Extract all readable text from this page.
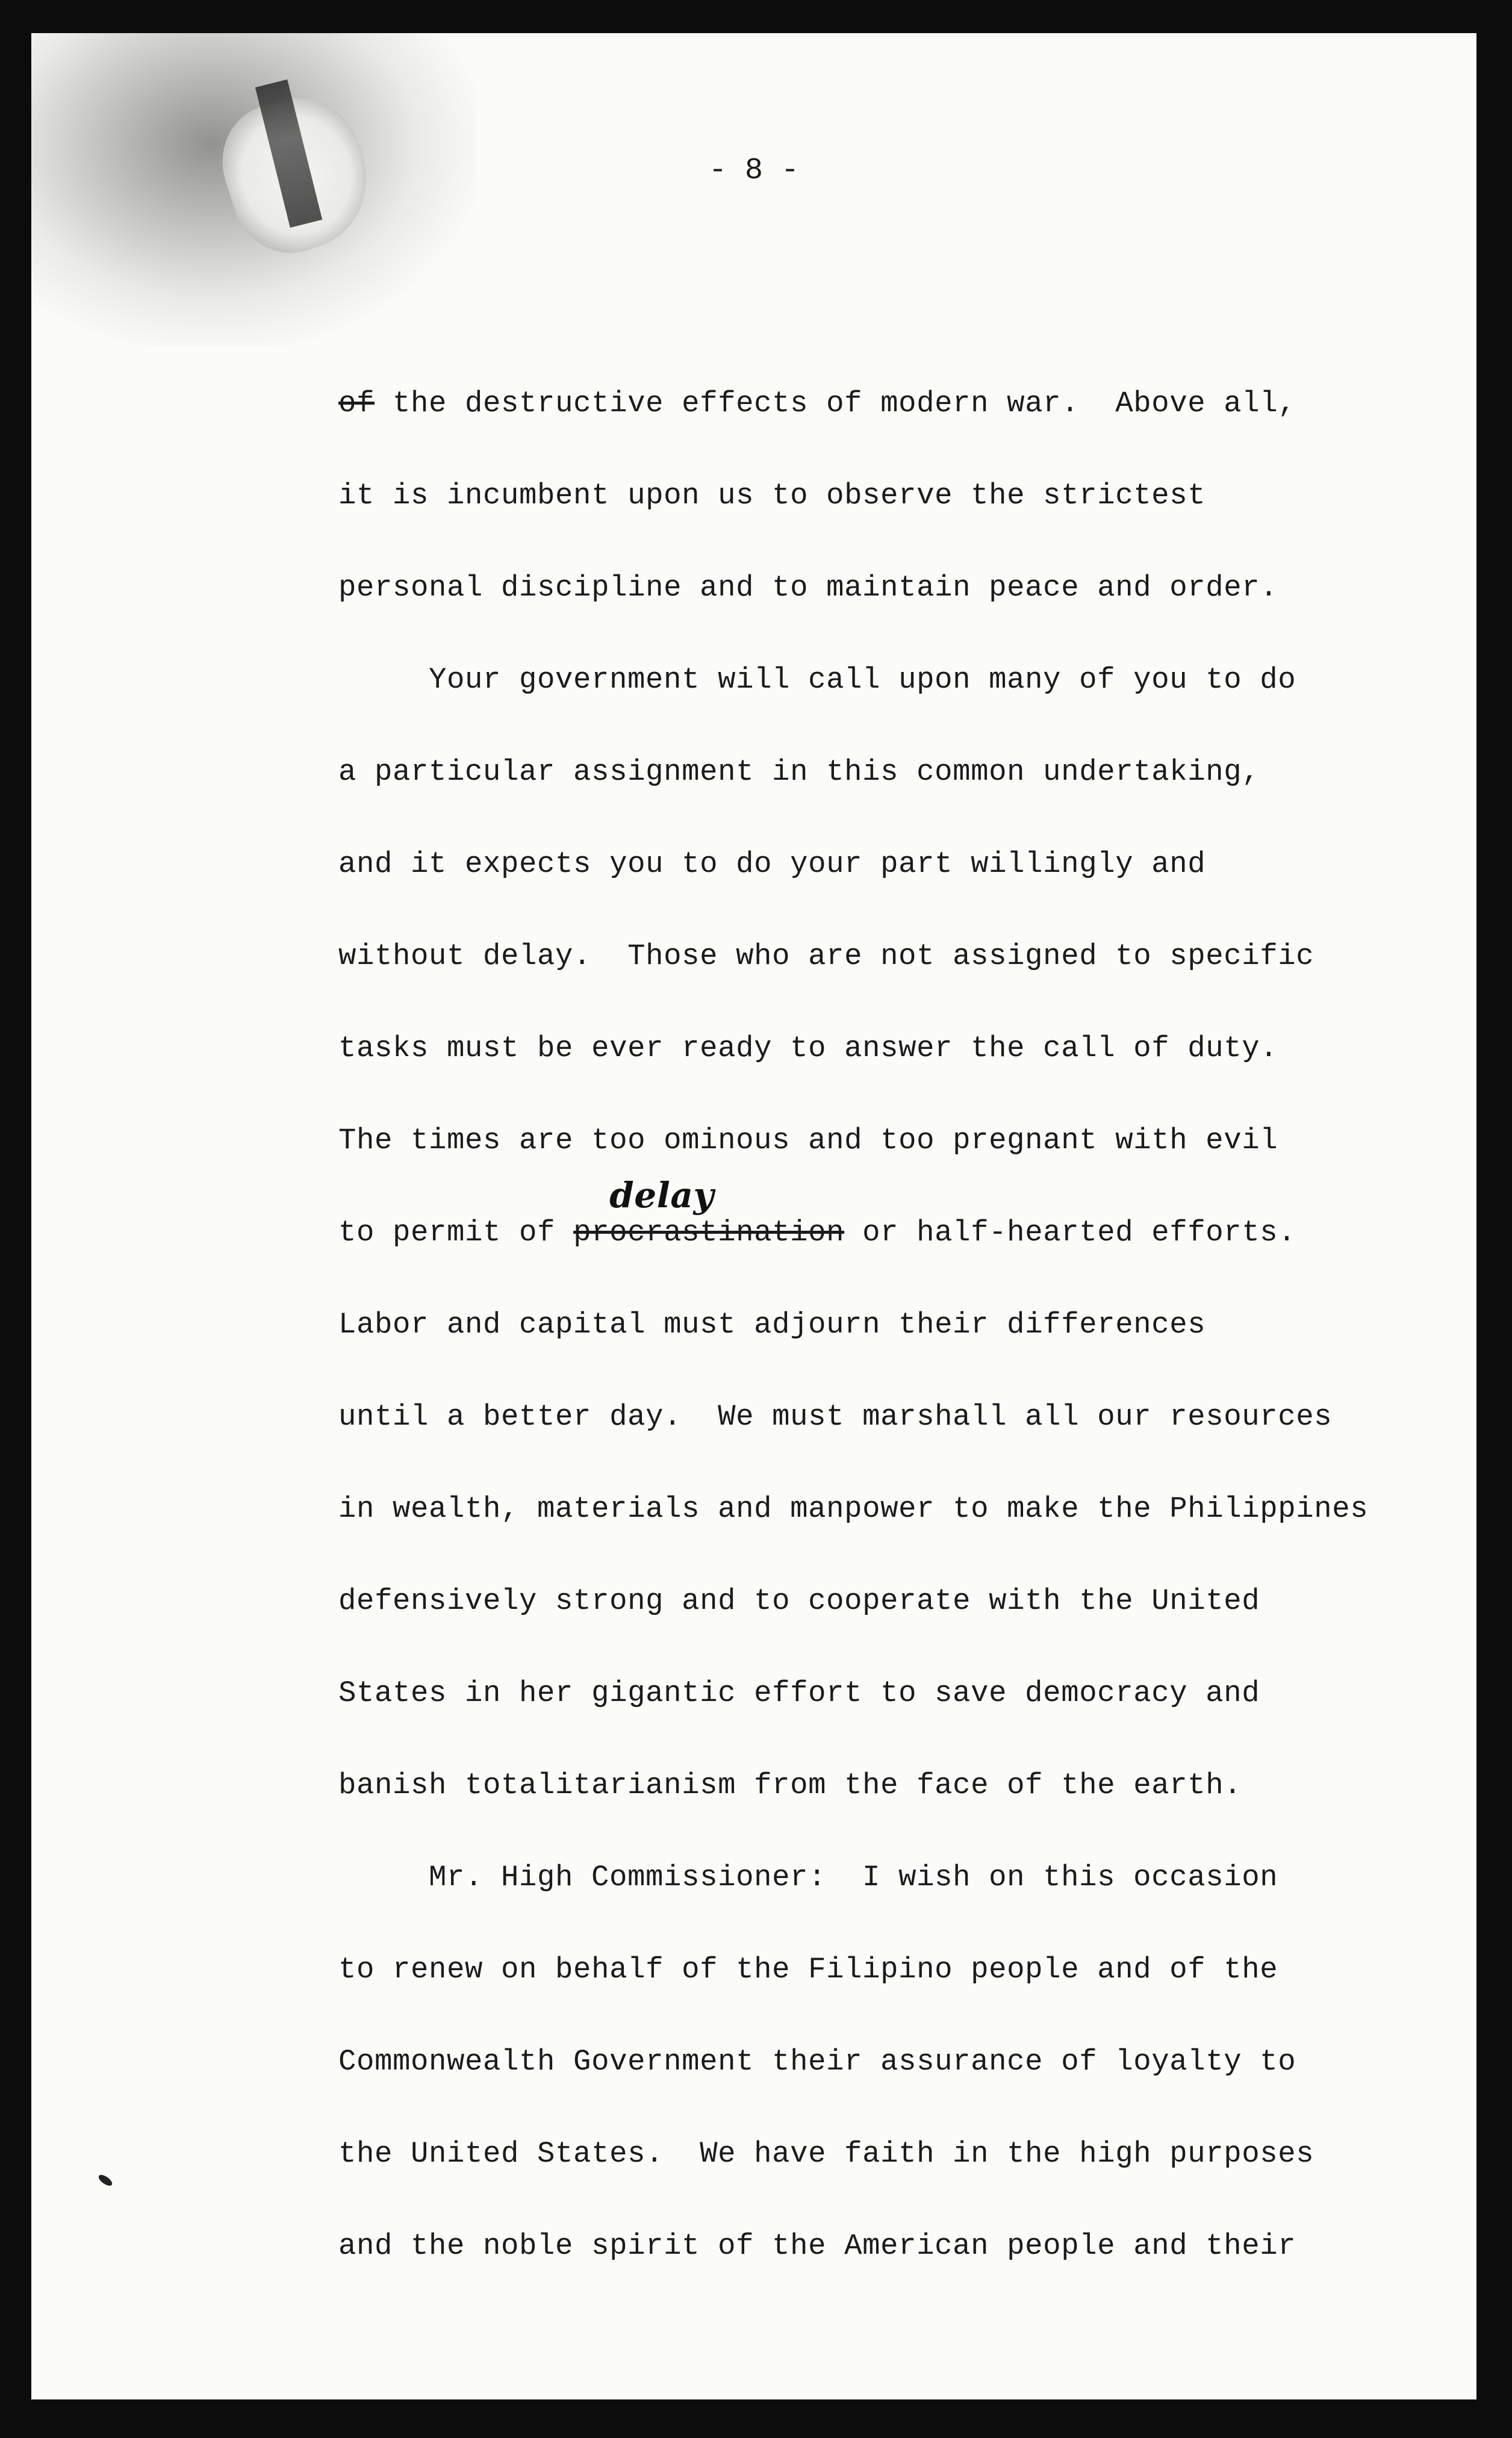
- 8 -
of the destructive effects of modern war.  Above all,
it is incumbent upon us to observe the strictest
personal discipline and to maintain peace and order.
Your government will call upon many of you to do
a particular assignment in this common undertaking,
and it expects you to do your part willingly and
without delay.  Those who are not assigned to specific
tasks must be ever ready to answer the call of duty.
The times are too ominous and too pregnant with evil
to permit of
delay
procrastination or half-hearted efforts.
Labor and capital must adjourn their differences
until a better day.  We must marshall all our resources
in wealth, materials and manpower to make the Philippines
defensively strong and to cooperate with the United
States in her gigantic effort to save democracy and
banish totalitarianism from the face of the earth.
Mr. High Commissioner:  I wish on this occasion
to renew on behalf of the Filipino people and of the
Commonwealth Government their assurance of loyalty to
the United States.  We have faith in the high purposes
and the noble spirit of the American people and their
